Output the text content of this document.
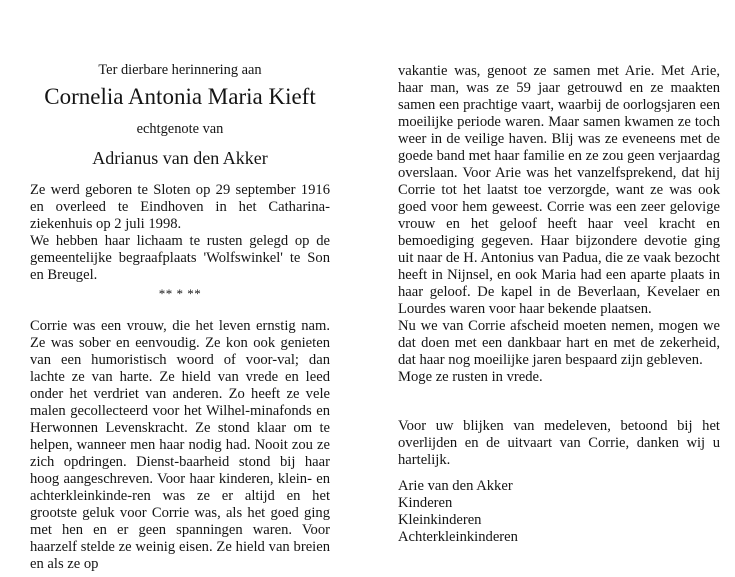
Ter dierbare herinnering aan

Cornelia Antonia Maria Kieft

echtgenote van

Adrianus van den Akker

Ze werd geboren te Sloten op 29 september 1916 en overleed te Eindhoven in het Catharina-ziekenhuis op 2 juli 1998.

We hebben haar lichaam te rusten gelegd op de gemeentelijke begraafplaats 'Wolfswinkel' te Son en Breugel.

** * **

Corrie was een vrouw, die het leven ernstig nam. Ze was sober en eenvoudig. Ze kon ook genieten van een humoristisch woord of voor-val; dan lachte ze van harte. Ze hield van vrede en leed onder het verdriet van anderen. Zo heeft ze vele malen gecollecteerd voor het Wilhel-minafonds en Herwonnen Levenskracht. Ze stond klaar om te helpen, wanneer men haar nodig had. Nooit zou ze zich opdringen. Dienst-baarheid stond bij haar hoog aangeschreven. Voor haar kinderen, klein- en achterkleinkinde-ren was ze er altijd en het grootste geluk voor Corrie was, als het goed ging met hen en er geen spanningen waren. Voor haarzelf stelde ze weinig eisen. Ze hield van breien en als ze op

vakantie was, genoot ze samen met Arie. Met Arie, haar man, was ze 59 jaar getrouwd en ze maakten samen een prachtige vaart, waarbij de oorlogsjaren een moeilijke periode waren. Maar samen kwamen ze toch weer in de veilige haven. Blij was ze eveneens met de goede band met haar familie en ze zou geen verjaardag overslaan. Voor Arie was het vanzelfsprekend, dat hij Corrie tot het laatst toe verzorgde, want ze was ook goed voor hem geweest. Corrie was een zeer gelovige vrouw en het geloof heeft haar veel kracht en bemoediging gegeven. Haar bijzondere devotie ging uit naar de H. Antonius van Padua, die ze vaak bezocht heeft in Nijnsel, en ook Maria had een aparte plaats in haar geloof. De kapel in de Beverlaan, Kevelaer en Lourdes waren voor haar bekende plaatsen.

Nu we van Corrie afscheid moeten nemen, mogen we dat doen met een dankbaar hart en met de zekerheid, dat haar nog moeilijke jaren bespaard zijn gebleven.

Moge ze rusten in vrede.

Voor uw blijken van medeleven, betoond bij het overlijden en de uitvaart van Corrie, danken wij u hartelijk.

Arie van den Akker

Kinderen

Kleinkinderen

Achterkleinkinderen
